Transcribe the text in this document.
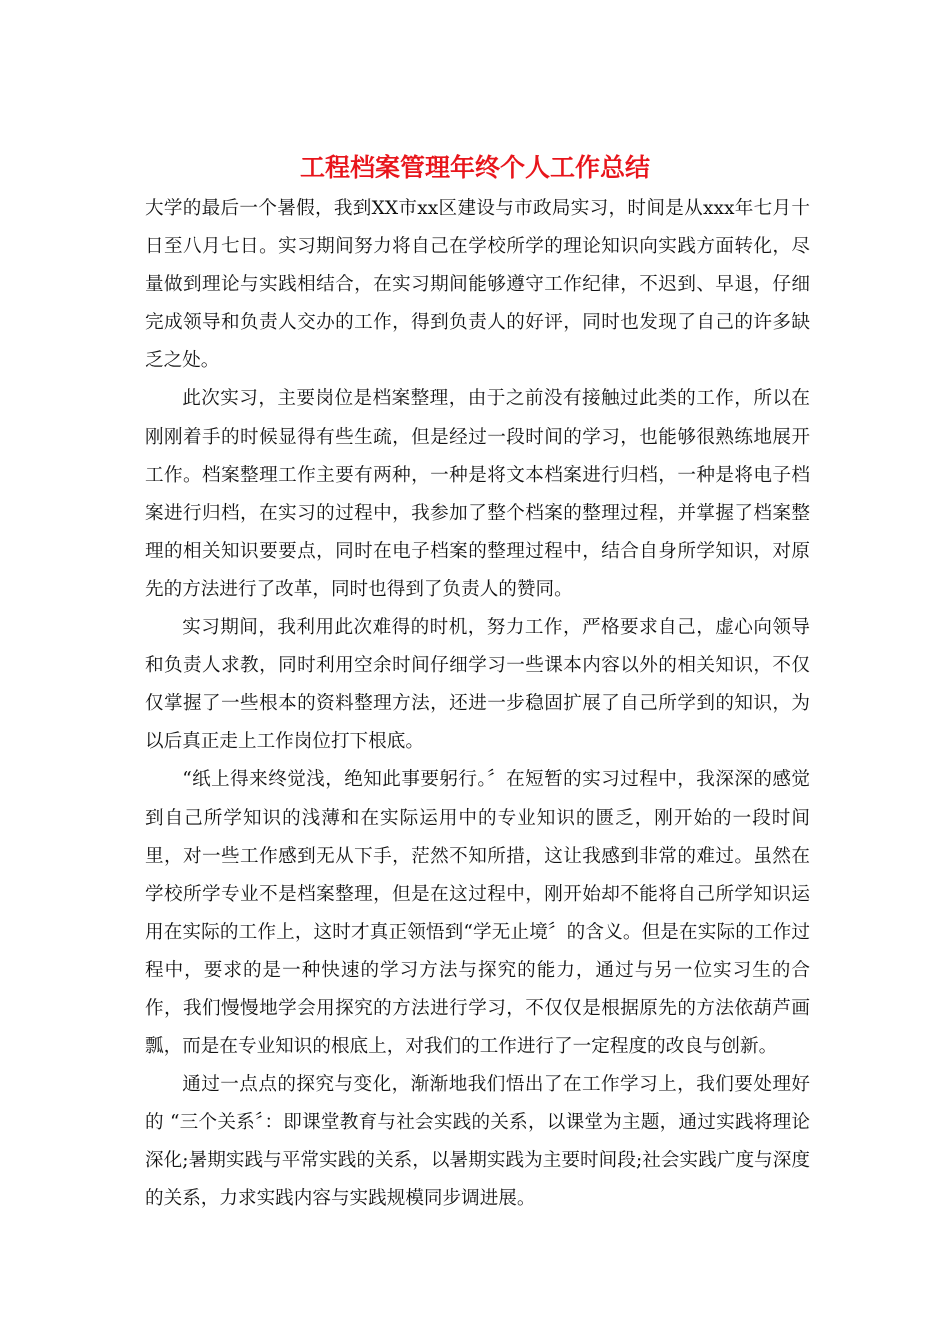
工程档案管理年终个人工作总结

大学的最后一个暑假，我到XX市xx区建设与市政局实习，时间是从xxx年七月十日至八月七日。实习期间努力将自己在学校所学的理论知识向实践方面转化，尽量做到理论与实践相结合，在实习期间能够遵守工作纪律，不迟到、早退，仔细完成领导和负责人交办的工作，得到负责人的好评，同时也发现了自己的许多缺乏之处。

此次实习，主要岗位是档案整理，由于之前没有接触过此类的工作，所以在刚刚着手的时候显得有些生疏，但是经过一段时间的学习，也能够很熟练地展开工作。档案整理工作主要有两种，一种是将文本档案进行归档，一种是将电子档案进行归档，在实习的过程中，我参加了整个档案的整理过程，并掌握了档案整理的相关知识要要点，同时在电子档案的整理过程中，结合自身所学知识，对原先的方法进行了改革，同时也得到了负责人的赞同。

实习期间，我利用此次难得的时机，努力工作，严格要求自己，虚心向领导和负责人求教，同时利用空余时间仔细学习一些课本内容以外的相关知识，不仅仅掌握了一些根本的资料整理方法，还进一步稳固扩展了自己所学到的知识，为以后真正走上工作岗位打下根底。

“纸上得来终觉浅，绝知此事要躬行。〞在短暂的实习过程中，我深深的感觉到自己所学知识的浅薄和在实际运用中的专业知识的匮乏，刚开始的一段时间里，对一些工作感到无从下手，茫然不知所措，这让我感到非常的难过。虽然在学校所学专业不是档案整理，但是在这过程中，刚开始却不能将自己所学知识运用在实际的工作上，这时才真正领悟到“学无止境〞的含义。但是在实际的工作过程中，要求的是一种快速的学习方法与探究的能力，通过与另一位实习生的合作，我们慢慢地学会用探究的方法进行学习，不仅仅是根据原先的方法依葫芦画瓢，而是在专业知识的根底上，对我们的工作进行了一定程度的改良与创新。

通过一点点的探究与变化，渐渐地我们悟出了在工作学习上，我们要处理好的 “三个关系〞：即课堂教育与社会实践的关系，以课堂为主题，通过实践将理论深化;暑期实践与平常实践的关系，以暑期实践为主要时间段;社会实践广度与深度的关系，力求实践内容与实践规模同步调进展。
